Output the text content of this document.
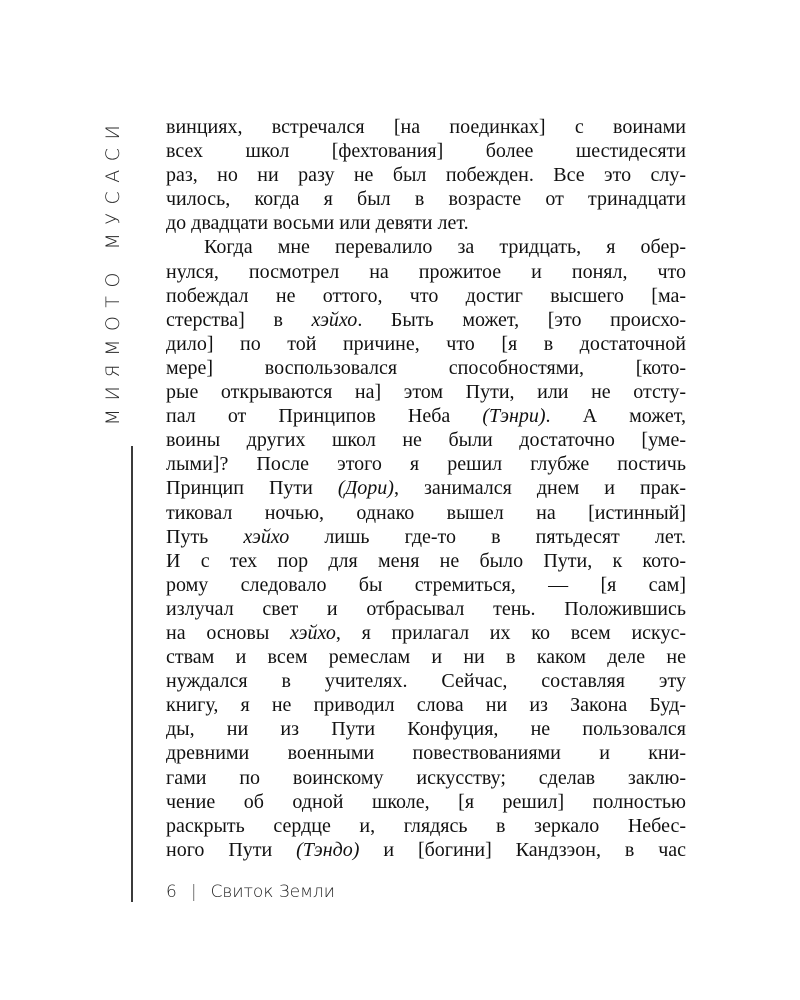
МИЯМОТО МУСАСИ винциях, встречался [на поединках] с воинами
всех школ [фехтования] более шестидесяти
раз, но ни разу не был побежден. Все это слу-
чилось, когда я был в возрасте от тринадцати
до двадцати восьми или девяти лет.
Когда мне перевалило за тридцать, я обер-
нулся, посмотрел на прожитое и понял, что
побеждал не оттого, что достиг высшего [ма-
стерства] в хэйхо. Быть может, [это происхо-
дило] по той причине, что [я в достаточной
мере] воспользовался способностями, [кото-
рые открываются на] этом Пути, или не отсту-
пал от Принципов Неба (Тэнри). А может,
воины других школ не были достаточно [уме-
лыми]? После этого я решил глубже постичь
Принцип Пути (Дори), занимался днем и прак-
тиковал ночью, однако вышел на [истинный]
Путь хэйхо лишь где-то в пятьдесят лет.
И с тех пор для меня не было Пути, к кото-
рому следовало бы стремиться, — [я сам]
излучал свет и отбрасывал тень. Положившись
на основы хэйхо, я прилагал их ко всем искус-
ствам и всем ремеслам и ни в каком деле не
нуждался в учителях. Сейчас, составляя эту
книгу, я не приводил слова ни из Закона Буд-
ды, ни из Пути Конфуция, не пользовался
древними военными повествованиями и кни-
гами по воинскому искусству; сделав заклю-
чение об одной школе, [я решил] полностью
раскрыть сердце и, глядясь в зеркало Небес-
ного Пути (Тэндо) и [богини] Кандзэон, в час
6 | Свиток Земли
